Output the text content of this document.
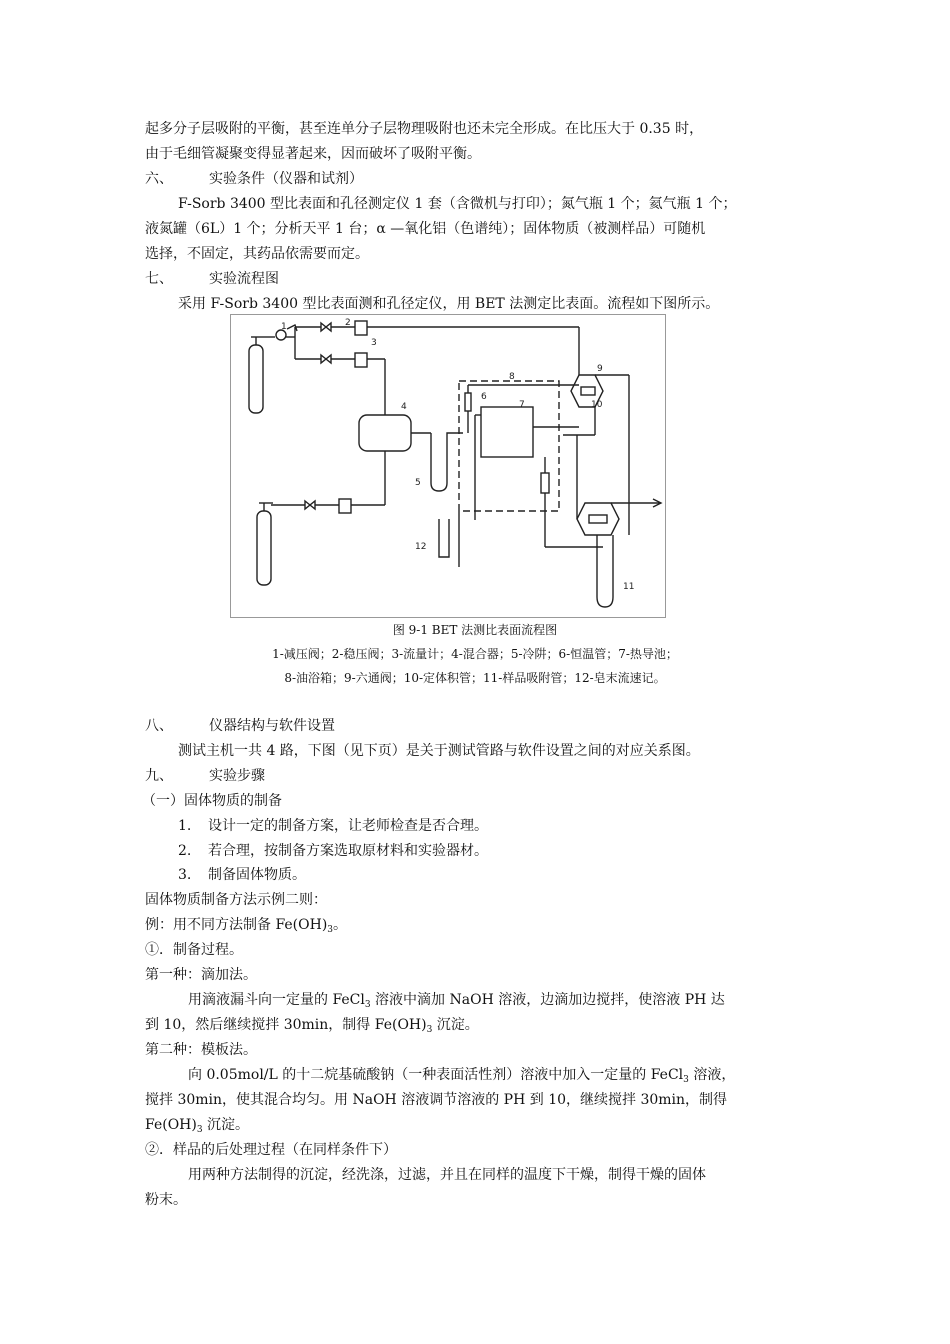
起多分子层吸附的平衡，甚至连单分子层物理吸附也还未完全形成。在比压大于 0.35 时，
由于毛细管凝聚变得显著起来，因而破坏了吸附平衡。
六、	实验条件（仪器和试剂）
F-Sorb 3400 型比表面和孔径测定仪 1 套（含微机与打印）；氮气瓶 1 个；氦气瓶 1 个；
液氮罐（6L）1 个；分析天平 1 台；α —氧化铝（色谱纯）；固体物质（被测样品）可随机
选择，不固定，其药品依需要而定。
七、	实验流程图
采用 F-Sorb 3400 型比表面测和孔径定仪，用 BET 法测定比表面。流程如下图所示。
1	2
3
4
5
6
7
8
9
10
11
12
图 9-1 BET 法测比表面流程图
1-减压阀；2-稳压阀；3-流量计；4-混合器；5-冷阱；6-恒温管；7-热导池；
8-油浴箱；9-六通阀；10-定体积管；11-样品吸附管；12-皂末流速记。
八、	仪器结构与软件设置
测试主机一共 4 路，下图（见下页）是关于测试管路与软件设置之间的对应关系图。
九、	实验步骤
（一）固体物质的制备
1. 设计一定的制备方案，让老师检查是否合理。
2. 若合理，按制备方案选取原材料和实验器材。
3. 制备固体物质。
固体物质制备方法示例二则：
例：用不同方法制备 $Fe(OH)_3$。
①．制备过程。
第一种：滴加法。
用滴液漏斗向一定量的 FeCl$_3$ 溶液中滴加 NaOH 溶液，边滴加边搅拌，使溶液 PH 达
到 10，然后继续搅拌 30min，制得 $Fe(OH)_3$ 沉淀。
第二种：模板法。
向 0.05mol/L 的十二烷基硫酸钠（一种表面活性剂）溶液中加入一定量的 FeCl$_3$ 溶液，
搅拌 30min，使其混合均匀。用 NaOH 溶液调节溶液的 PH 到 10，继续搅拌 30min，制得
$Fe(OH)_3$ 沉淀。
②．样品的后处理过程（在同样条件下）
用两种方法制得的沉淀，经洗涤，过滤，并且在同样的温度下干燥，制得干燥的固体
粉末。
